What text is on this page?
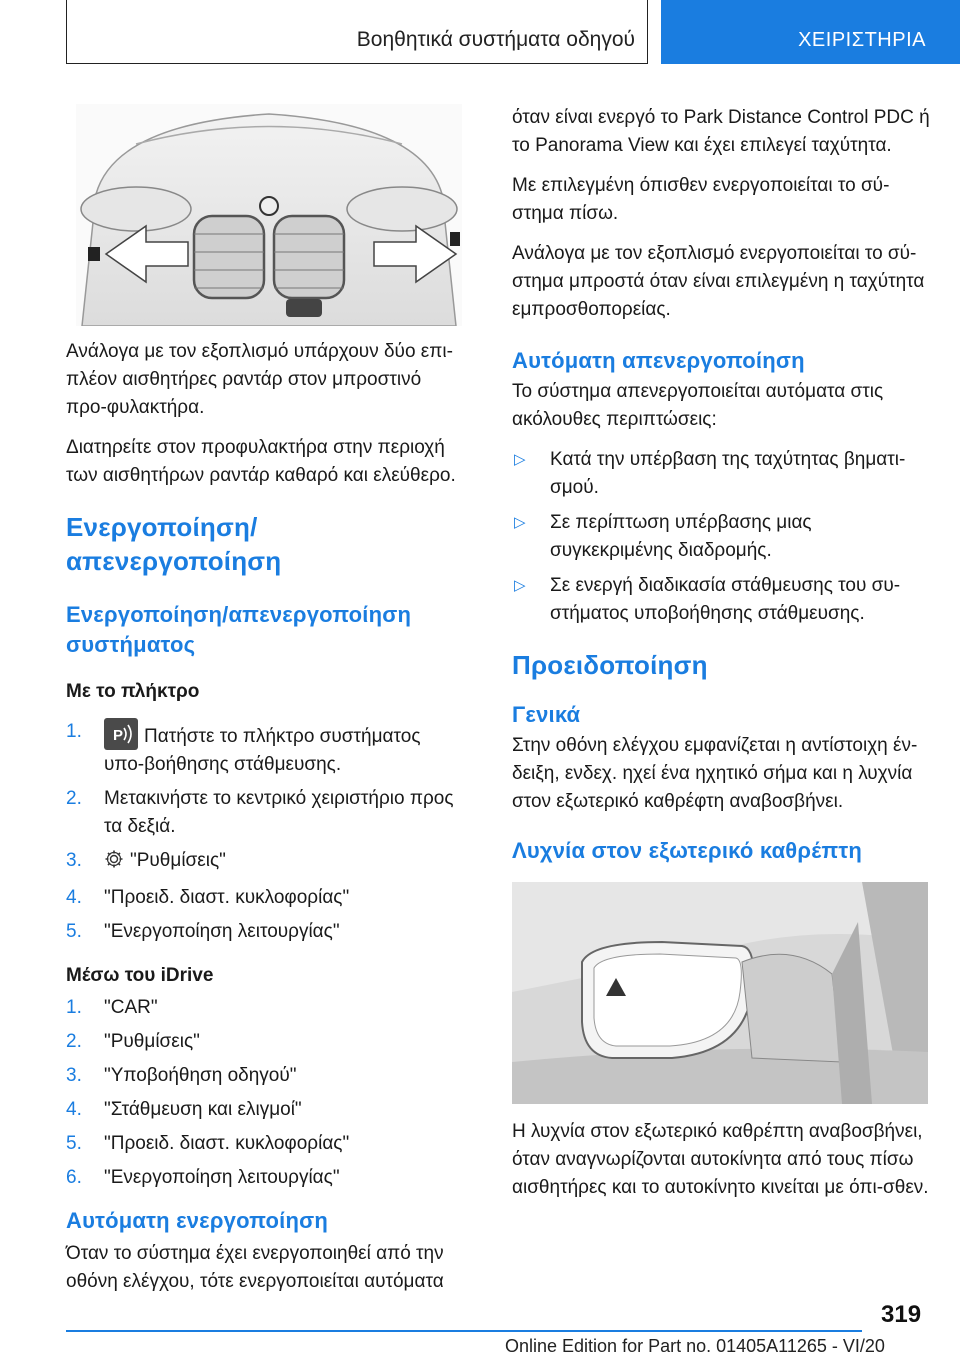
Βοηθητικά συστήματα οδηγού	ΧΕΙΡΙΣΤΗΡΙΑ

Ανάλογα με τον εξοπλισμό υπάρχουν δύο επι-πλέον αισθητήρες ραντάρ στον μπροστινό προ-φυλακτήρα.

Διατηρείτε στον προφυλακτήρα στην περιοχή των αισθητήρων ραντάρ καθαρό και ελεύθερο.

Ενεργοποίηση/απενεργοποίηση
Ενεργοποίηση/απενεργοποίηση συστήματος
Με το πλήκτρο
1. P Πατήστε το πλήκτρο συστήματος υπο-βοήθησης στάθμευσης.
2. Μετακινήστε το κεντρικό χειριστήριο προς τα δεξιά.
3.	"Ρυθμίσεις"
4. "Προειδ. διαστ. κυκλοφορίας"
5. "Ενεργοποίηση λειτουργίας"
Μέσω του iDrive
1. "CAR"
2. "Ρυθμίσεις"
3. "Υποβοήθηση οδηγού"
4. "Στάθμευση και ελιγμοί"
5. "Προειδ. διαστ. κυκλοφορίας"
6. "Ενεργοποίηση λειτουργίας"
Αυτόματη ενεργοποίηση

Όταν το σύστημα έχει ενεργοποιηθεί από την οθόνη ελέγχου, τότε ενεργοποιείται αυτόματα

όταν είναι ενεργό το Park Distance Control PDC ή το Panorama View και έχει επιλεγεί ταχύτητα.

Με επιλεγμένη όπισθεν ενεργοποιείται το σύ-στημα πίσω.

Ανάλογα με τον εξοπλισμό ενεργοποιείται το σύ-στημα μπροστά όταν είναι επιλεγμένη η ταχύτητα εμπροσθοπορείας.

Αυτόματη απενεργοποίηση

Το σύστημα απενεργοποιείται αυτόματα στις ακόλουθες περιπτώσεις:

▷ Κατά την υπέρβαση της ταχύτητας βηματι-σμού.
▷ Σε περίπτωση υπέρβασης μιας συγκεκριμένης διαδρομής.
▷ Σε ενεργή διαδικασία στάθμευσης του συ-στήματος υποβοήθησης στάθμευσης.
Προειδοποίηση
Γενικά

Στην οθόνη ελέγχου εμφανίζεται η αντίστοιχη έν-δειξη, ενδεχ. ηχεί ένα ηχητικό σήμα και η λυχνία στον εξωτερικό καθρέφτη αναβοσβήνει.

Λυχνία στον εξωτερικό καθρέπτη

Η λυχνία στον εξωτερικό καθρέπτη αναβοσβήνει, όταν αναγνωρίζονται αυτοκίνητα από τους πίσω αισθητήρες και το αυτοκίνητο κινείται με όπι-σθεν.

319
Online Edition for Part no. 01405A11265 - VI/20
